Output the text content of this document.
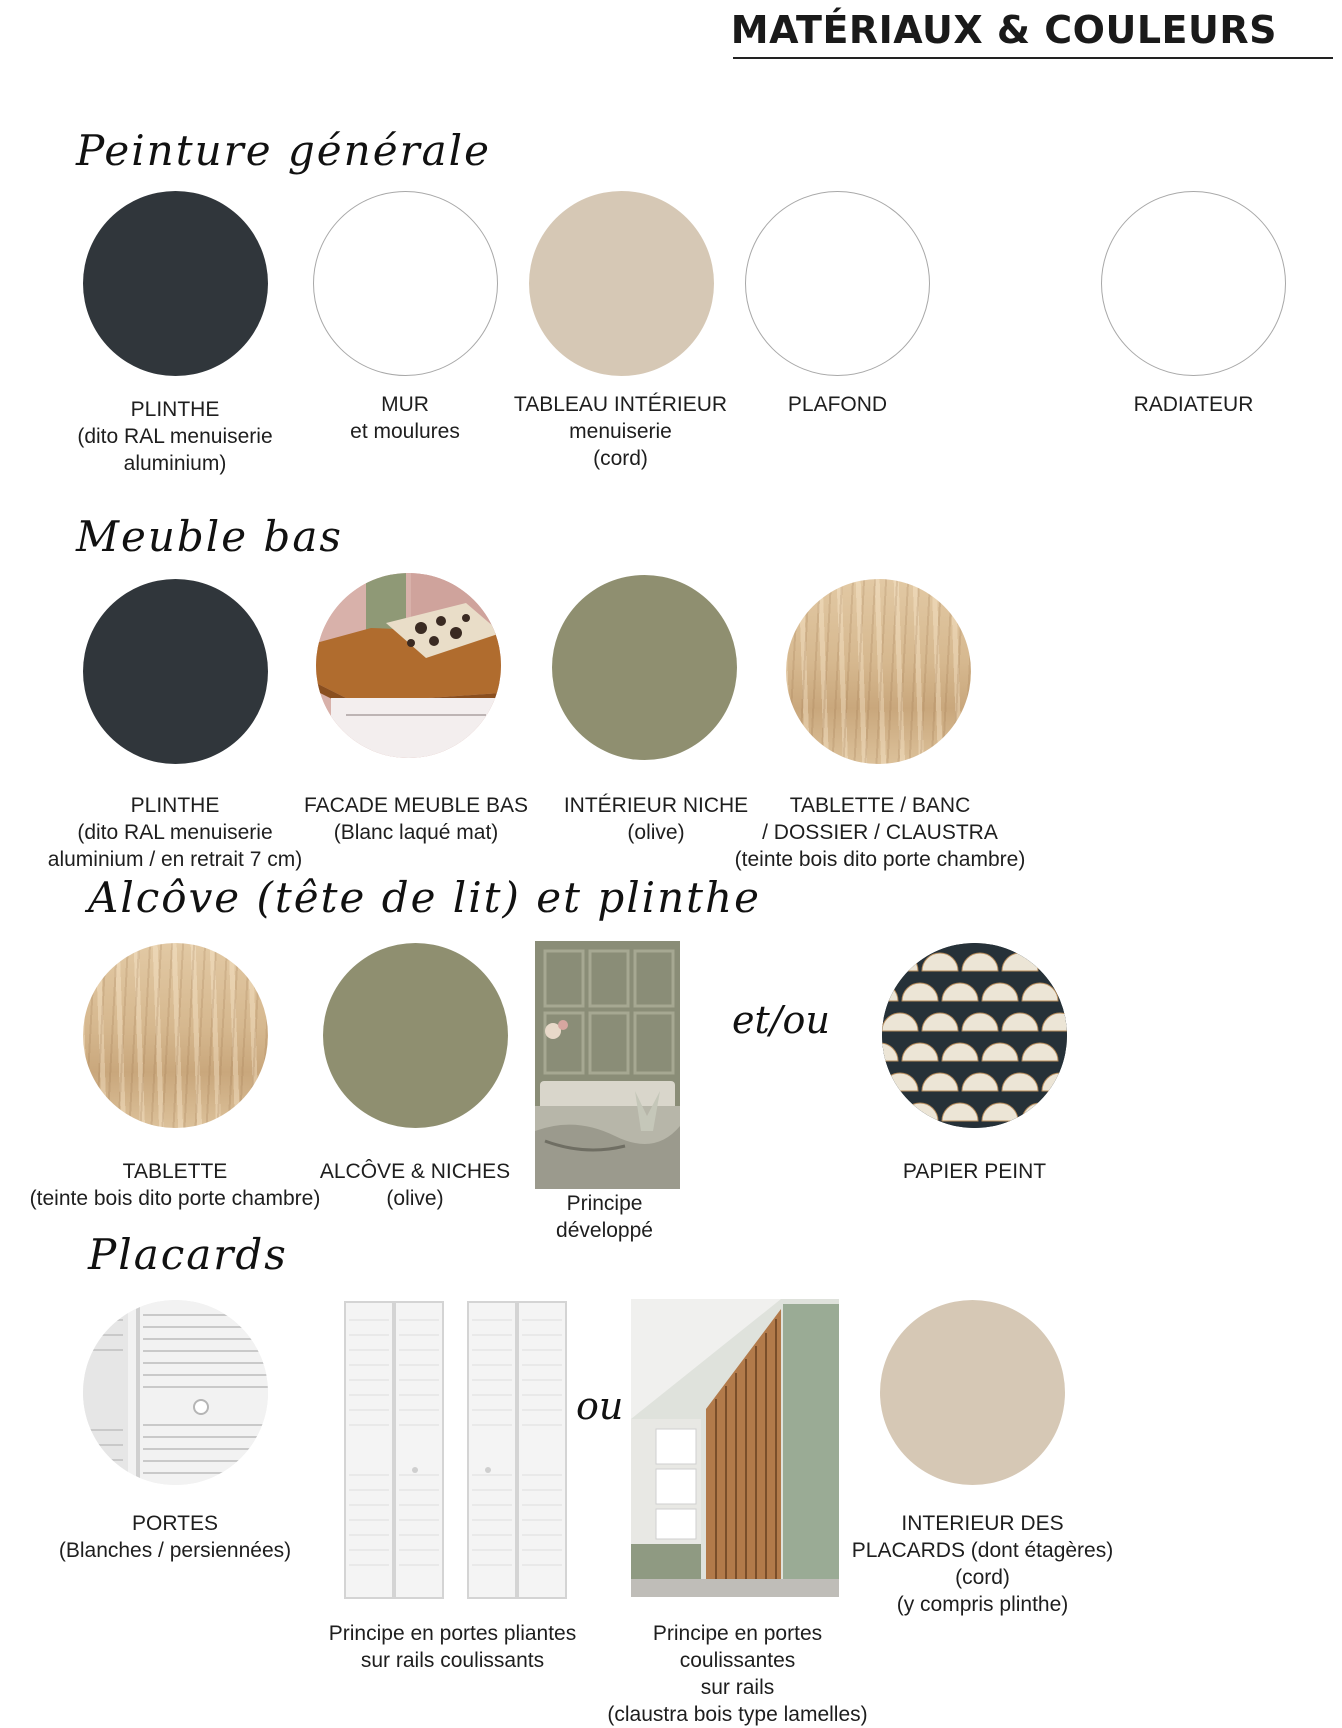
MATÉRIAUX & COULEURS
Peinture générale
PLINTHE
(dito RAL menuiserie
aluminium)
MUR
et moulures
TABLEAU INTÉRIEUR
menuiserie
(cord)
PLAFOND	RADIATEUR
Meuble bas
PLINTHE
(dito RAL menuiserie
aluminium / en retrait 7 cm)
FACADE MEUBLE BAS
(Blanc laqué mat)
INTÉRIEUR NICHE
(olive)
TABLETTE / BANC
/ DOSSIER / CLAUSTRA
(teinte bois dito porte chambre)
Alcôve (tête de lit) et plinthe
et/ou
TABLETTE
(teinte bois dito porte chambre)
ALCÔVE & NICHES
(olive)	Principe
développé
PAPIER PEINT
Placards
ou
PORTES
(Blanches / persiennées)
Principe en portes pliantes
sur rails coulissants
Principe en portes
coulissantes
sur rails
(claustra bois type lamelles)
INTERIEUR DES
PLACARDS (dont étagères)
(cord)
(y compris plinthe)
